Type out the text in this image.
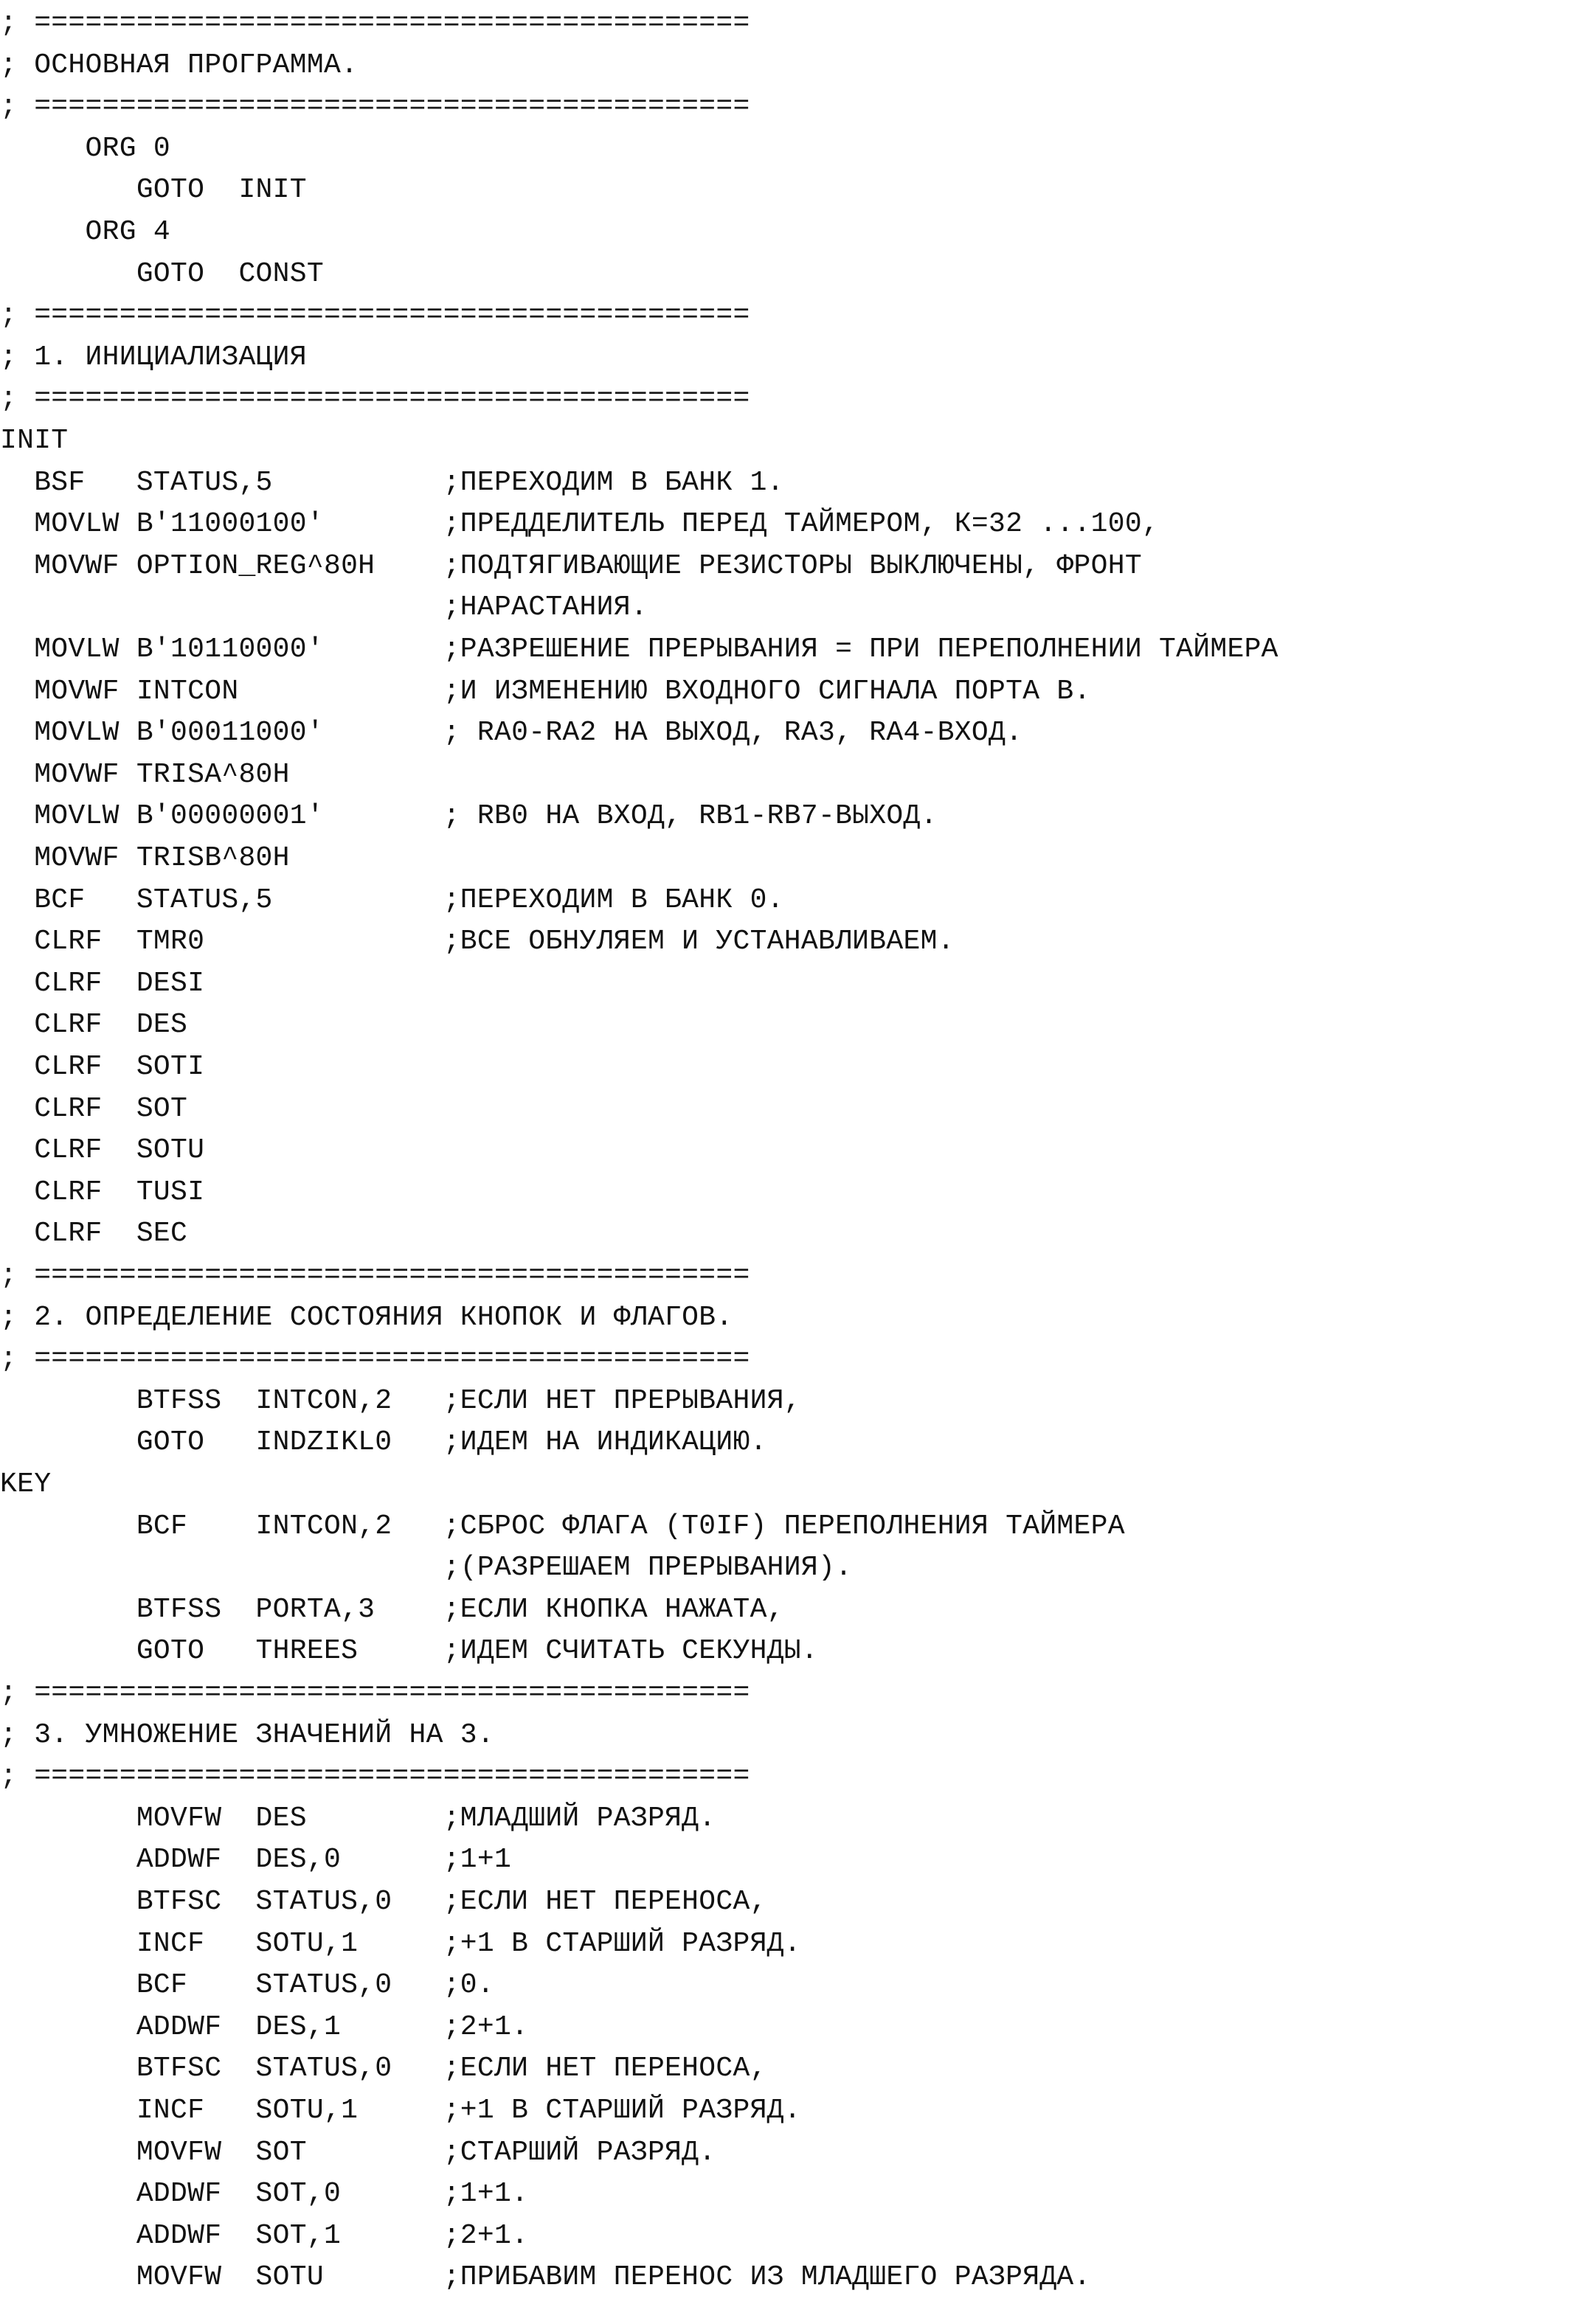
; ==========================================
; ОСНОВНАЯ ПРОГРАММА.
; ==========================================
ORG 0
GOTO  INIT
ORG 4
GOTO  CONST
; ==========================================
; 1. ИНИЦИАЛИЗАЦИЯ
; ==========================================
INIT
BSF   STATUS,5          ;ПЕРЕХОДИМ В БАНК 1.
MOVLW B'11000100'       ;ПРЕДДЕЛИТЕЛЬ ПЕРЕД ТАЙМЕРОМ, К=32 ...100,
MOVWF OPTION_REG^80H    ;ПОДТЯГИВАЮЩИЕ РЕЗИСТОРЫ ВЫКЛЮЧЕНЫ, ФРОНТ
;НАРАСТАНИЯ.
MOVLW B'10110000'       ;РАЗРЕШЕНИЕ ПРЕРЫВАНИЯ = ПРИ ПЕРЕПОЛНЕНИИ ТАЙМЕРА
MOVWF INTCON            ;И ИЗМЕНЕНИЮ ВХОДНОГО СИГНАЛА ПОРТА В.
MOVLW B'00011000'       ; RA0-RA2 НА ВЫХОД, RA3, RA4-ВХОД.
MOVWF TRISA^80H
MOVLW B'00000001'       ; RB0 НА ВХОД, RB1-RB7-ВЫХОД.
MOVWF TRISB^80H
BCF   STATUS,5          ;ПЕРЕХОДИМ В БАНК 0.
CLRF  TMR0              ;ВСЕ ОБНУЛЯЕМ И УСТАНАВЛИВАЕМ.
CLRF  DESI
CLRF  DES
CLRF  SOTI
CLRF  SOT
CLRF  SOTU
CLRF  TUSI
CLRF  SEC
; ==========================================
; 2. ОПРЕДЕЛЕНИЕ СОСТОЯНИЯ КНОПОК И ФЛАГОВ.
; ==========================================
BTFSS  INTCON,2   ;ЕСЛИ НЕТ ПРЕРЫВАНИЯ,
GOTO   INDZIKL0   ;ИДЕМ НА ИНДИКАЦИЮ.
KEY
BCF    INTCON,2   ;СБРОС ФЛАГА (T0IF) ПЕРЕПОЛНЕНИЯ ТАЙМЕРА
;(РАЗРЕШАЕМ ПРЕРЫВАНИЯ).
BTFSS  PORTA,3    ;ЕСЛИ КНОПКА НАЖАТА,
GOTO   THREES     ;ИДЕМ СЧИТАТЬ СЕКУНДЫ.
; ==========================================
; 3. УМНОЖЕНИЕ ЗНАЧЕНИЙ НА 3.
; ==========================================
MOVFW  DES        ;МЛАДШИЙ РАЗРЯД.
ADDWF  DES,0      ;1+1
BTFSC  STATUS,0   ;ЕСЛИ НЕТ ПЕРЕНОСА,
INCF   SOTU,1     ;+1 В СТАРШИЙ РАЗРЯД.
BCF    STATUS,0   ;0.
ADDWF  DES,1      ;2+1.
BTFSC  STATUS,0   ;ЕСЛИ НЕТ ПЕРЕНОСА,
INCF   SOTU,1     ;+1 В СТАРШИЙ РАЗРЯД.
MOVFW  SOT        ;СТАРШИЙ РАЗРЯД.
ADDWF  SOT,0      ;1+1.
ADDWF  SOT,1      ;2+1.
MOVFW  SOTU       ;ПРИБАВИМ ПЕРЕНОС ИЗ МЛАДШЕГО РАЗРЯДА.
